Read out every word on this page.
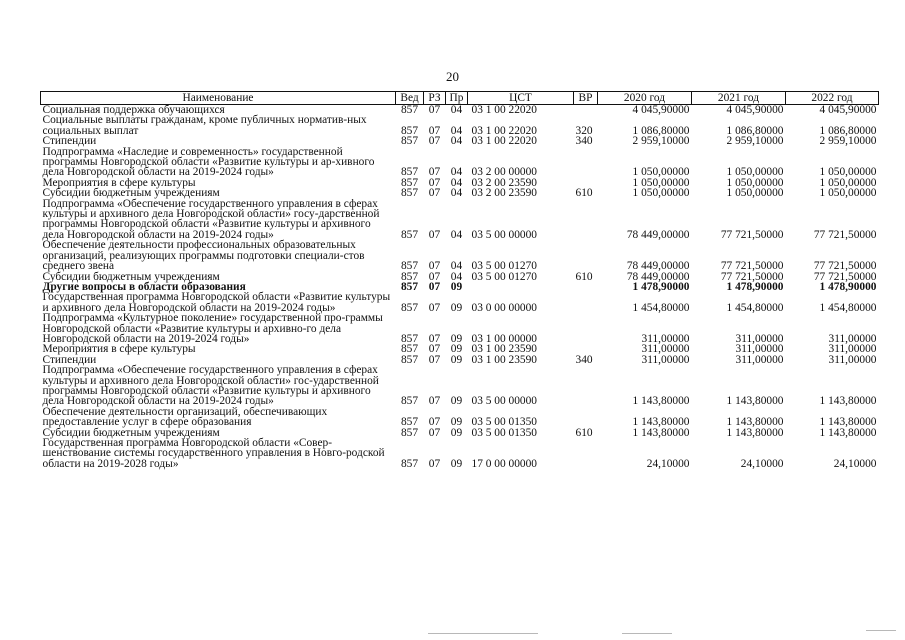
20
Наименование	Вед	РЗ	Пр	ЦСТ	ВР	2020 год	2021 год	2022 год
Социальная поддержка обучающихся	857	07	04	03 1 00 22020		4 045,90000	4 045,90000	4 045,90000
Социальные выплаты гражданам, кроме публичных норматив-ных социальных выплат	857	07	04	03 1 00 22020	320	1 086,80000	1 086,80000	1 086,80000
Стипендии	857	07	04	03 1 00 22020	340	2 959,10000	2 959,10000	2 959,10000
Подпрограмма «Наследие и современность» государственной программы Новгородской области «Развитие культуры и ар-хивного дела Новгородской области на 2019-2024 годы»	857	07	04	03 2 00 00000		1 050,00000	1 050,00000	1 050,00000
Мероприятия в сфере культуры	857	07	04	03 2 00 23590		1 050,00000	1 050,00000	1 050,00000
Субсидии бюджетным учреждениям	857	07	04	03 2 00 23590	610	1 050,00000	1 050,00000	1 050,00000
Подпрограмма «Обеспечение государственного управления в сферах культуры и архивного дела Новгородской области» госу-дарственной программы Новгородской области «Развитие культуры и архивного дела Новгородской области на 2019-2024 годы»	857	07	04	03 5 00 00000		78 449,00000	77 721,50000	77 721,50000
Обеспечение деятельности профессиональных образовательных организаций, реализующих программы подготовки специали-стов среднего звена	857	07	04	03 5 00 01270		78 449,00000	77 721,50000	77 721,50000
Субсидии бюджетным учреждениям	857	07	04	03 5 00 01270	610	78 449,00000	77 721,50000	77 721,50000
Другие вопросы в области образования	857	07	09			1 478,90000	1 478,90000	1 478,90000
Государственная программа Новгородской области «Развитие культуры и архивного дела Новгородской области на 2019-2024 годы»	857	07	09	03 0 00 00000		1 454,80000	1 454,80000	1 454,80000
Подпрограмма «Культурное поколение» государственной про-граммы Новгородской области «Развитие культуры и архивно-го дела Новгородской области на 2019-2024 годы»	857	07	09	03 1 00 00000		311,00000	311,00000	311,00000
Мероприятия в сфере культуры	857	07	09	03 1 00 23590		311,00000	311,00000	311,00000
Стипендии	857	07	09	03 1 00 23590	340	311,00000	311,00000	311,00000
Подпрограмма «Обеспечение государственного управления в сферах культуры и архивного дела Новгородской области» гос-ударственной программы Новгородской области «Развитие культуры и архивного дела Новгородской области на 2019-2024 годы»	857	07	09	03 5 00 00000		1 143,80000	1 143,80000	1 143,80000
Обеспечение деятельности организаций, обеспечивающих предоставление услуг в сфере образования	857	07	09	03 5 00 01350		1 143,80000	1 143,80000	1 143,80000
Субсидии бюджетным учреждениям	857	07	09	03 5 00 01350	610	1 143,80000	1 143,80000	1 143,80000
Государственная программа Новгородской области «Совер-шенствование системы государственного управления в Новго-родской области на 2019-2028 годы»	857	07	09	17 0 00 00000		24,10000	24,10000	24,10000
